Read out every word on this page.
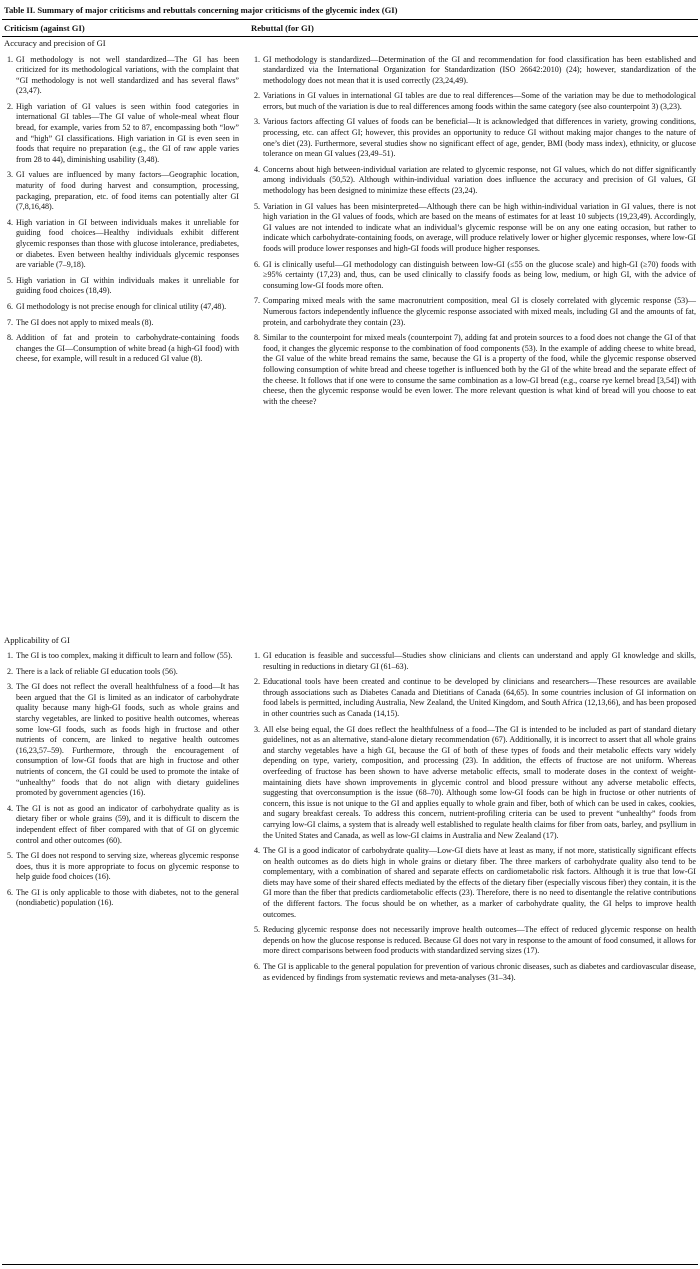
Table II. Summary of major criticisms and rebuttals concerning major criticisms of the glycemic index (GI)
Criticism (against GI)	Rebuttal (for GI)
Accuracy and precision of GI
1. GI methodology is not well standardized—The GI has been criticized for its methodological variations, with the complaint that “GI methodology is not well standardized and has several flaws” (23,47).
2. High variation of GI values is seen within food categories in international GI tables—The GI value of whole-meal wheat flour bread, for example, varies from 52 to 87, encompassing both “low” and “high” GI classifications. High variation in GI is even seen in foods that require no preparation (e.g., the GI of raw apple varies from 28 to 44), diminishing usability (3,48).
3. GI values are influenced by many factors—Geographic location, maturity of food during harvest and consumption, processing, packaging, preparation, etc. of food items can potentially alter GI (7,8,16,48).
4. High variation in GI between individuals makes it unreliable for guiding food choices—Healthy individuals exhibit different glycemic responses than those with glucose intolerance, prediabetes, or diabetes. Even between healthy individuals glycemic responses are variable (7–9,18).
5. High variation in GI within individuals makes it unreliable for guiding food choices (18,49).
6. GI methodology is not precise enough for clinical utility (47,48).
7. The GI does not apply to mixed meals (8).
8. Addition of fat and protein to carbohydrate-containing foods changes the GI—Consumption of white bread (a high-GI food) with cheese, for example, will result in a reduced GI value (8).
1. GI methodology is standardized—Determination of the GI and recommendation for food classification has been established and standardized via the International Organization for Standardization (ISO 26642:2010) (24); however, standardization of the methodology does not mean that it is used correctly (23,24,49).
2. Variations in GI values in international GI tables are due to real differences—Some of the variation may be due to methodological errors, but much of the variation is due to real differences among foods within the same category (see also counterpoint 3) (3,23).
3. Various factors affecting GI values of foods can be beneficial—It is acknowledged that differences in variety, growing conditions, processing, etc. can affect GI; however, this provides an opportunity to reduce GI without making major changes to the nature of one’s diet (23). Furthermore, several studies show no significant effect of age, gender, BMI (body mass index), ethnicity, or glucose tolerance on mean GI values (23,49–51).
4. Concerns about high between-individual variation are related to glycemic response, not GI values, which do not differ significantly among individuals (50,52). Although within-individual variation does influence the accuracy and precision of GI values, GI methodology has been designed to minimize these effects (23,24).
5. Variation in GI values has been misinterpreted—Although there can be high within-individual variation in GI values, there is not high variation in the GI values of foods, which are based on the means of estimates for at least 10 subjects (19,23,49). Accordingly, GI values are not intended to indicate what an individual’s glycemic response will be on any one eating occasion, but rather to indicate which carbohydrate-containing foods, on average, will produce relatively lower or higher glycemic responses, where low-GI foods will produce lower responses and high-GI foods will produce higher responses.
6. GI is clinically useful—GI methodology can distinguish between low-GI (≤55 on the glucose scale) and high-GI (≥70) foods with ≥95% certainty (17,23) and, thus, can be used clinically to classify foods as being low, medium, or high GI, with the advice of consuming low-GI foods more often.
7. Comparing mixed meals with the same macronutrient composition, meal GI is closely correlated with glycemic response (53)—Numerous factors independently influence the glycemic response associated with mixed meals, including GI and the amounts of fat, protein, and carbohydrate they contain (23).
8. Similar to the counterpoint for mixed meals (counterpoint 7), adding fat and protein sources to a food does not change the GI of that food, it changes the glycemic response to the combination of food components (53). In the example of adding cheese to white bread, the GI value of the white bread remains the same, because the GI is a property of the food, while the glycemic response observed following consumption of white bread and cheese together is influenced both by the GI of the white bread and the separate effect of the cheese. It follows that if one were to consume the same combination as a low-GI bread (e.g., coarse rye kernel bread [3,54]) with cheese, then the glycemic response would be even lower. The more relevant question is what kind of bread will you choose to eat with the cheese?
Applicability of GI
1. The GI is too complex, making it difficult to learn and follow (55).
2. There is a lack of reliable GI education tools (56).
3. The GI does not reflect the overall healthfulness of a food—It has been argued that the GI is limited as an indicator of carbohydrate quality because many high-GI foods, such as whole grains and starchy vegetables, are linked to positive health outcomes, whereas some low-GI foods, such as foods high in fructose and other nutrients of concern, are linked to negative health outcomes (16,23,57–59). Furthermore, through the encouragement of consumption of low-GI foods that are high in fructose and other nutrients of concern, the GI could be used to promote the intake of “unhealthy” foods that do not align with dietary guidelines promoted by government agencies (16).
4. The GI is not as good an indicator of carbohydrate quality as is dietary fiber or whole grains (59), and it is difficult to discern the independent effect of fiber compared with that of GI on glycemic control and other outcomes (60).
5. The GI does not respond to serving size, whereas glycemic response does, thus it is more appropriate to focus on glycemic response to help guide food choices (16).
6. The GI is only applicable to those with diabetes, not to the general (nondiabetic) population (16).
1. GI education is feasible and successful—Studies show clinicians and clients can understand and apply GI knowledge and skills, resulting in reductions in dietary GI (61–63).
2. Educational tools have been created and continue to be developed by clinicians and researchers—These resources are available through associations such as Diabetes Canada and Dietitians of Canada (64,65). In some countries inclusion of GI information on food labels is permitted, including Australia, New Zealand, the United Kingdom, and South Africa (12,13,66), and has been proposed in other countries such as Canada (14,15).
3. All else being equal, the GI does reflect the healthfulness of a food—The GI is intended to be included as part of standard dietary guidelines, not as an alternative, stand-alone dietary recommendation (67). Additionally, it is incorrect to assert that all whole grains and starchy vegetables have a high GI, because the GI of both of these types of foods and their metabolic effects vary widely depending on type, variety, composition, and processing (23). In addition, the effects of fructose are not uniform. Whereas overfeeding of fructose has been shown to have adverse metabolic effects, small to moderate doses in the context of weight-maintaining diets have shown improvements in glycemic control and blood pressure without any adverse metabolic effects, suggesting that overconsumption is the issue (68–70). Although some low-GI foods can be high in fructose or other nutrients of concern, this issue is not unique to the GI and applies equally to whole grain and fiber, both of which can be used in cakes, cookies, and sugary breakfast cereals. To address this concern, nutrient-profiling criteria can be used to prevent “unhealthy” foods from carrying low-GI claims, a system that is already well established to regulate health claims for fiber from oats, barley, and psyllium in the United States and Canada, as well as low-GI claims in Australia and New Zealand (17).
4. The GI is a good indicator of carbohydrate quality—Low-GI diets have at least as many, if not more, statistically significant effects on health outcomes as do diets high in whole grains or dietary fiber. The three markers of carbohydrate quality also tend to be complementary, with a combination of shared and separate effects on cardiometabolic risk factors. Although it is true that low-GI diets may have some of their shared effects mediated by the effects of the dietary fiber (especially viscous fiber) they contain, it is the GI more than the fiber that predicts cardiometabolic effects (23). Therefore, there is no need to disentangle the relative contributions of the different factors. The focus should be on whether, as a marker of carbohydrate quality, the GI helps to improve health outcomes.
5. Reducing glycemic response does not necessarily improve health outcomes—The effect of reduced glycemic response on health depends on how the glucose response is reduced. Because GI does not vary in response to the amount of food consumed, it allows for more direct comparisons between food products with standardized serving sizes (17).
6. The GI is applicable to the general population for prevention of various chronic diseases, such as diabetes and cardiovascular disease, as evidenced by findings from systematic reviews and meta-analyses (31–34).
